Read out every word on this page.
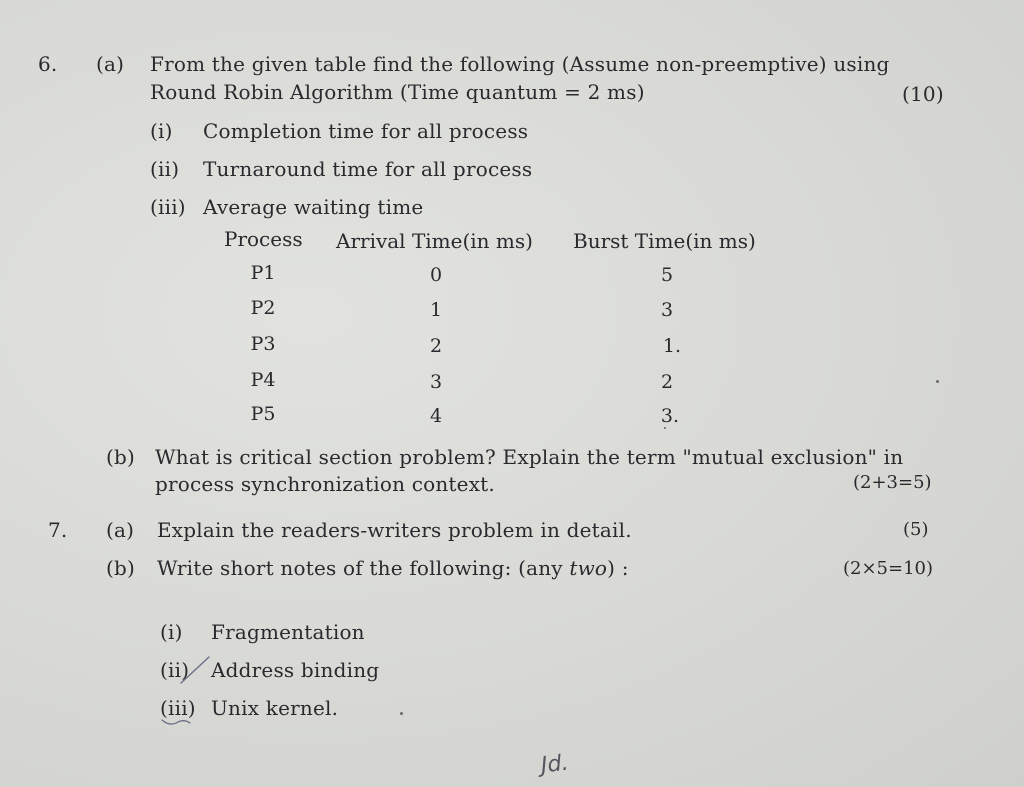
6. (a) From the given table find the following (Assume non-preemptive) using
Round Robin Algorithm (Time quantum = 2 ms)	(10)
(i) Completion time for all process
(ii) Turnaround time for all process
(iii) Average waiting time
Process Arrival Time(in ms) Burst Time(in ms)
P1	0	5
P2	1	3
P3	2	1.
P4	3	2
P5	4	3.
(b) What is critical section problem? Explain the term "mutual exclusion" in
process synchronization context.	(2+3=5)
7. (a) Explain the readers-writers problem in detail.	(5)
(b) Write short notes of the following: (any two) :	(2×5=10)
(i) Fragmentation
(ii) Address binding
(iii) Unix kernel.
Jd.
